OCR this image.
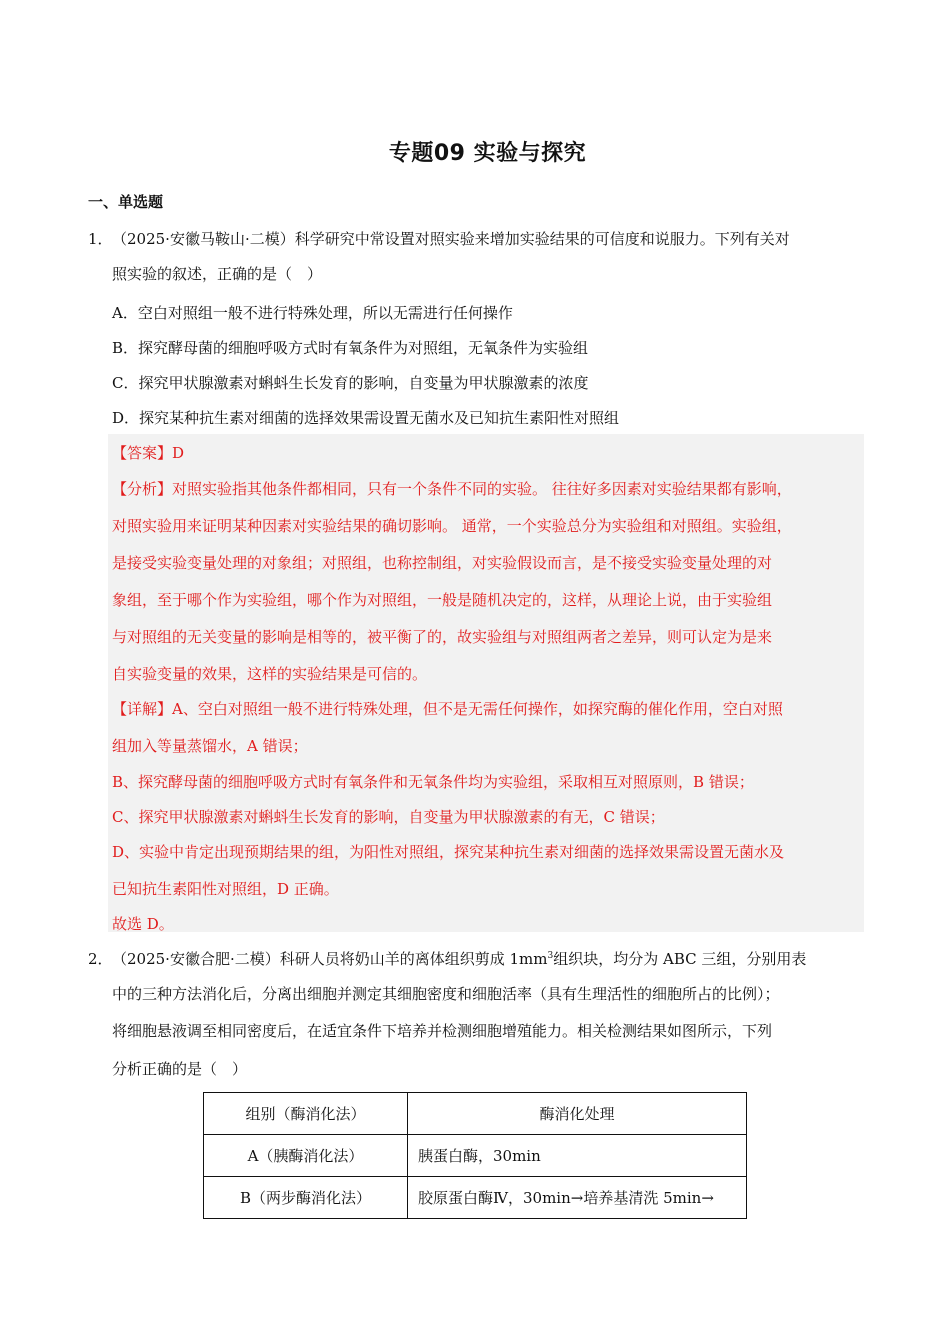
专题09 实验与探究
一、单选题
1． （2025·安徽马鞍山·二模）科学研究中常设置对照实验来增加实验结果的可信度和说服力。下列有关对
照实验的叙述，正确的是（　）
A．空白对照组一般不进行特殊处理，所以无需进行任何操作
B．探究酵母菌的细胞呼吸方式时有氧条件为对照组，无氧条件为实验组
C．探究甲状腺激素对蝌蚪生长发育的影响，自变量为甲状腺激素的浓度
D．探究某种抗生素对细菌的选择效果需设置无菌水及已知抗生素阳性对照组
【答案】D
【分析】对照实验指其他条件都相同，只有一个条件不同的实验。 往往好多因素对实验结果都有影响，
对照实验用来证明某种因素对实验结果的确切影响。 通常，一个实验总分为实验组和对照组。实验组，
是接受实验变量处理的对象组；对照组，也称控制组，对实验假设而言，是不接受实验变量处理的对
象组，至于哪个作为实验组，哪个作为对照组，一般是随机决定的，这样，从理论上说，由于实验组
与对照组的无关变量的影响是相等的，被平衡了的，故实验组与对照组两者之差异，则可认定为是来
自实验变量的效果，这样的实验结果是可信的。
【详解】A、空白对照组一般不进行特殊处理，但不是无需任何操作，如探究酶的催化作用，空白对照
组加入等量蒸馏水，A 错误；
B、探究酵母菌的细胞呼吸方式时有氧条件和无氧条件均为实验组，采取相互对照原则，B 错误；
C、探究甲状腺激素对蝌蚪生长发育的影响，自变量为甲状腺激素的有无，C 错误；
D、实验中肯定出现预期结果的组，为阳性对照组，探究某种抗生素对细菌的选择效果需设置无菌水及
已知抗生素阳性对照组，D 正确。
故选 D。
2． （2025·安徽合肥·二模）科研人员将奶山羊的离体组织剪成 $1mm^3$组织块，均分为 ABC 三组，分别用表
中的三种方法消化后，分离出细胞并测定其细胞密度和细胞活率（具有生理活性的细胞所占的比例）；
将细胞悬液调至相同密度后，在适宜条件下培养并检测细胞增殖能力。相关检测结果如图所示，下列
分析正确的是（　）
组别（酶消化法）	酶消化处理
A（胰酶消化法）	胰蛋白酶，30min
B（两步酶消化法）	胶原蛋白酶Ⅳ，30min→培养基清洗 5min→
